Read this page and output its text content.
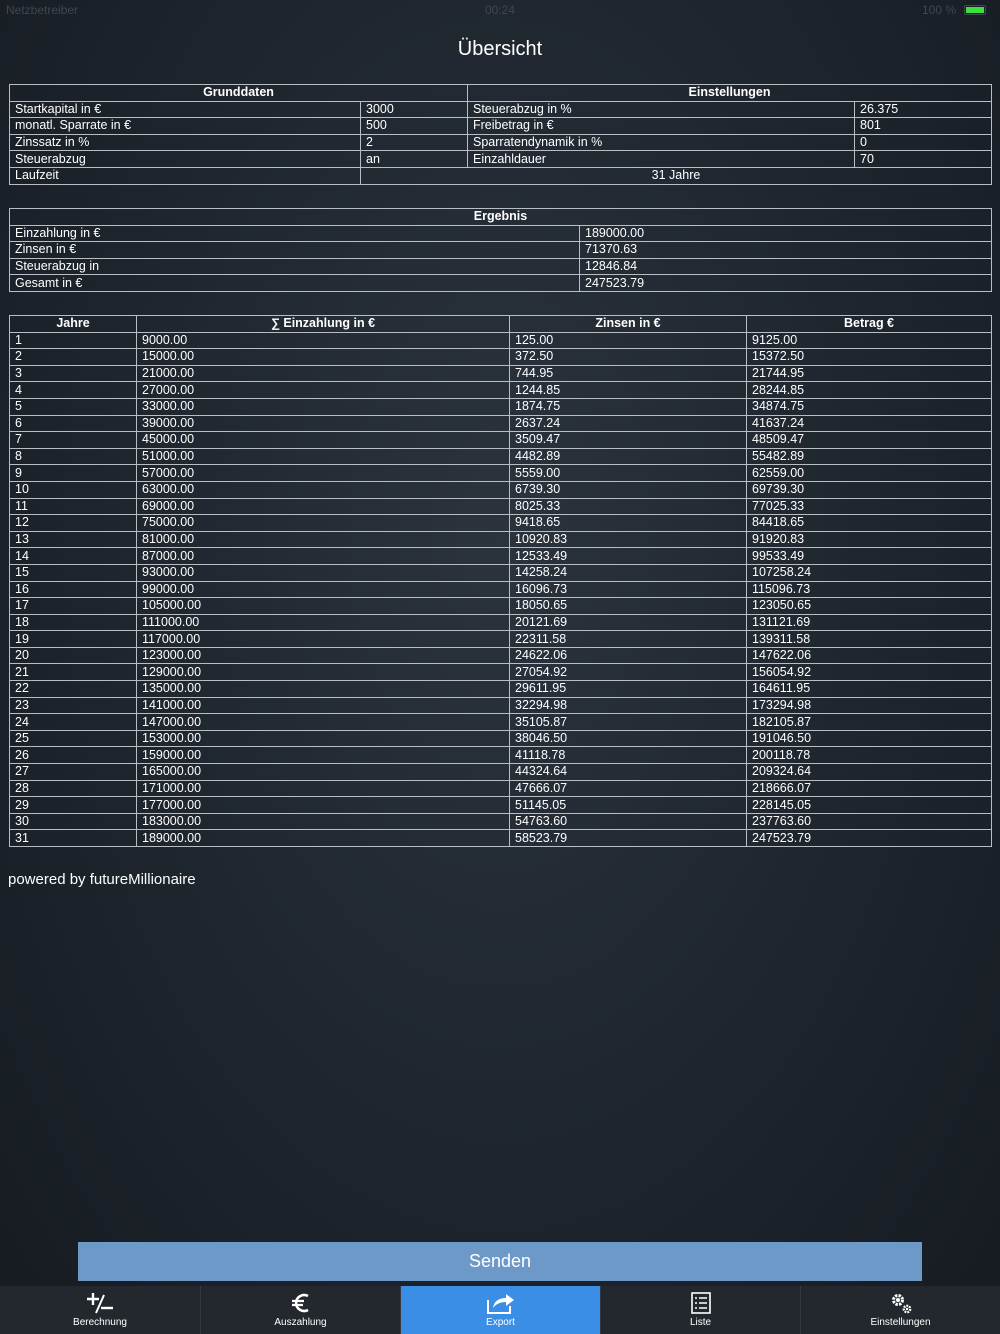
Netzbetreiber	00:24	100 %
Übersicht
Grunddaten		Einstellungen	
Startkapital in €	3000	Steuerabzug in %	26.375
monatl. Sparrate in €	500	Freibetrag in €	801
Zinssatz in %	2	Sparratendynamik in %	0
Steuerabzug	an	Einzahldauer	70
Laufzeit	31 Jahre		
Ergebnis	
Einzahlung in €	189000.00
Zinsen in €	71370.63
Steuerabzug in	12846.84
Gesamt in €	247523.79
Jahre	∑ Einzahlung in €	Zinsen in €	Betrag €
1	9000.00	125.00	9125.00
2	15000.00	372.50	15372.50
3	21000.00	744.95	21744.95
4	27000.00	1244.85	28244.85
5	33000.00	1874.75	34874.75
6	39000.00	2637.24	41637.24
7	45000.00	3509.47	48509.47
8	51000.00	4482.89	55482.89
9	57000.00	5559.00	62559.00
10	63000.00	6739.30	69739.30
11	69000.00	8025.33	77025.33
12	75000.00	9418.65	84418.65
13	81000.00	10920.83	91920.83
14	87000.00	12533.49	99533.49
15	93000.00	14258.24	107258.24
16	99000.00	16096.73	115096.73
17	105000.00	18050.65	123050.65
18	111000.00	20121.69	131121.69
19	117000.00	22311.58	139311.58
20	123000.00	24622.06	147622.06
21	129000.00	27054.92	156054.92
22	135000.00	29611.95	164611.95
23	141000.00	32294.98	173294.98
24	147000.00	35105.87	182105.87
25	153000.00	38046.50	191046.50
26	159000.00	41118.78	200118.78
27	165000.00	44324.64	209324.64
28	171000.00	47666.07	218666.07
29	177000.00	51145.05	228145.05
30	183000.00	54763.60	237763.60
31	189000.00	58523.79	247523.79
powered by futureMillionaire
Senden
Berechnung	Auszahlung	Export	Liste	Einstellungen
